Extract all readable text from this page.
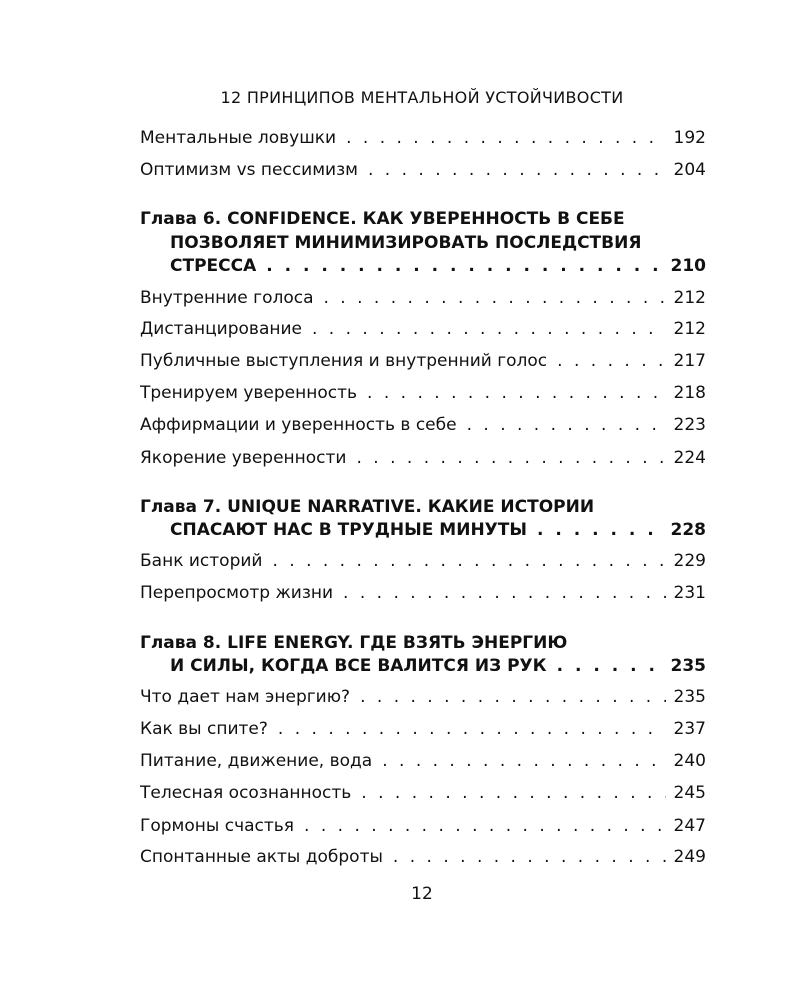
12 ПРИНЦИПОВ МЕНТАЛЬНОЙ УСТОЙЧИВОСТИ
Ментальные ловушки . . .	192
Оптимизм vs пессимизм . . .	204
Глава 6. CONFIDENCE. КАК УВЕРЕННОСТЬ В СЕБЕ
ПОЗВОЛЯЕТ МИНИМИЗИРОВАТЬ ПОСЛЕДСТВИЯ
СТРЕССА . . .	210
Внутренние голоса . . .	212
Дистанцирование . . .	212
Публичные выступления и внутренний голос . . .	217
Тренируем уверенность . . .	218
Аффирмации и уверенность в себе . . .	223
Якорение уверенности . . .	224
Глава 7. UNIQUE NARRATIVE. КАКИЕ ИСТОРИИ
СПАСАЮТ НАС В ТРУДНЫЕ МИНУТЫ . . .	228
Банк историй . . .	229
Перепросмотр жизни . . .	231
Глава 8. LIFE ENERGY. ГДЕ ВЗЯТЬ ЭНЕРГИЮ
И СИЛЫ, КОГДА ВСЕ ВАЛИТСЯ ИЗ РУК . . .	235
Что дает нам энергию? . . .	235
Как вы спите? . . .	237
Питание, движение, вода . . .	240
Телесная осознанность . . .	245
Гормоны счастья . . .	247
Спонтанные акты доброты . . .	249
12
